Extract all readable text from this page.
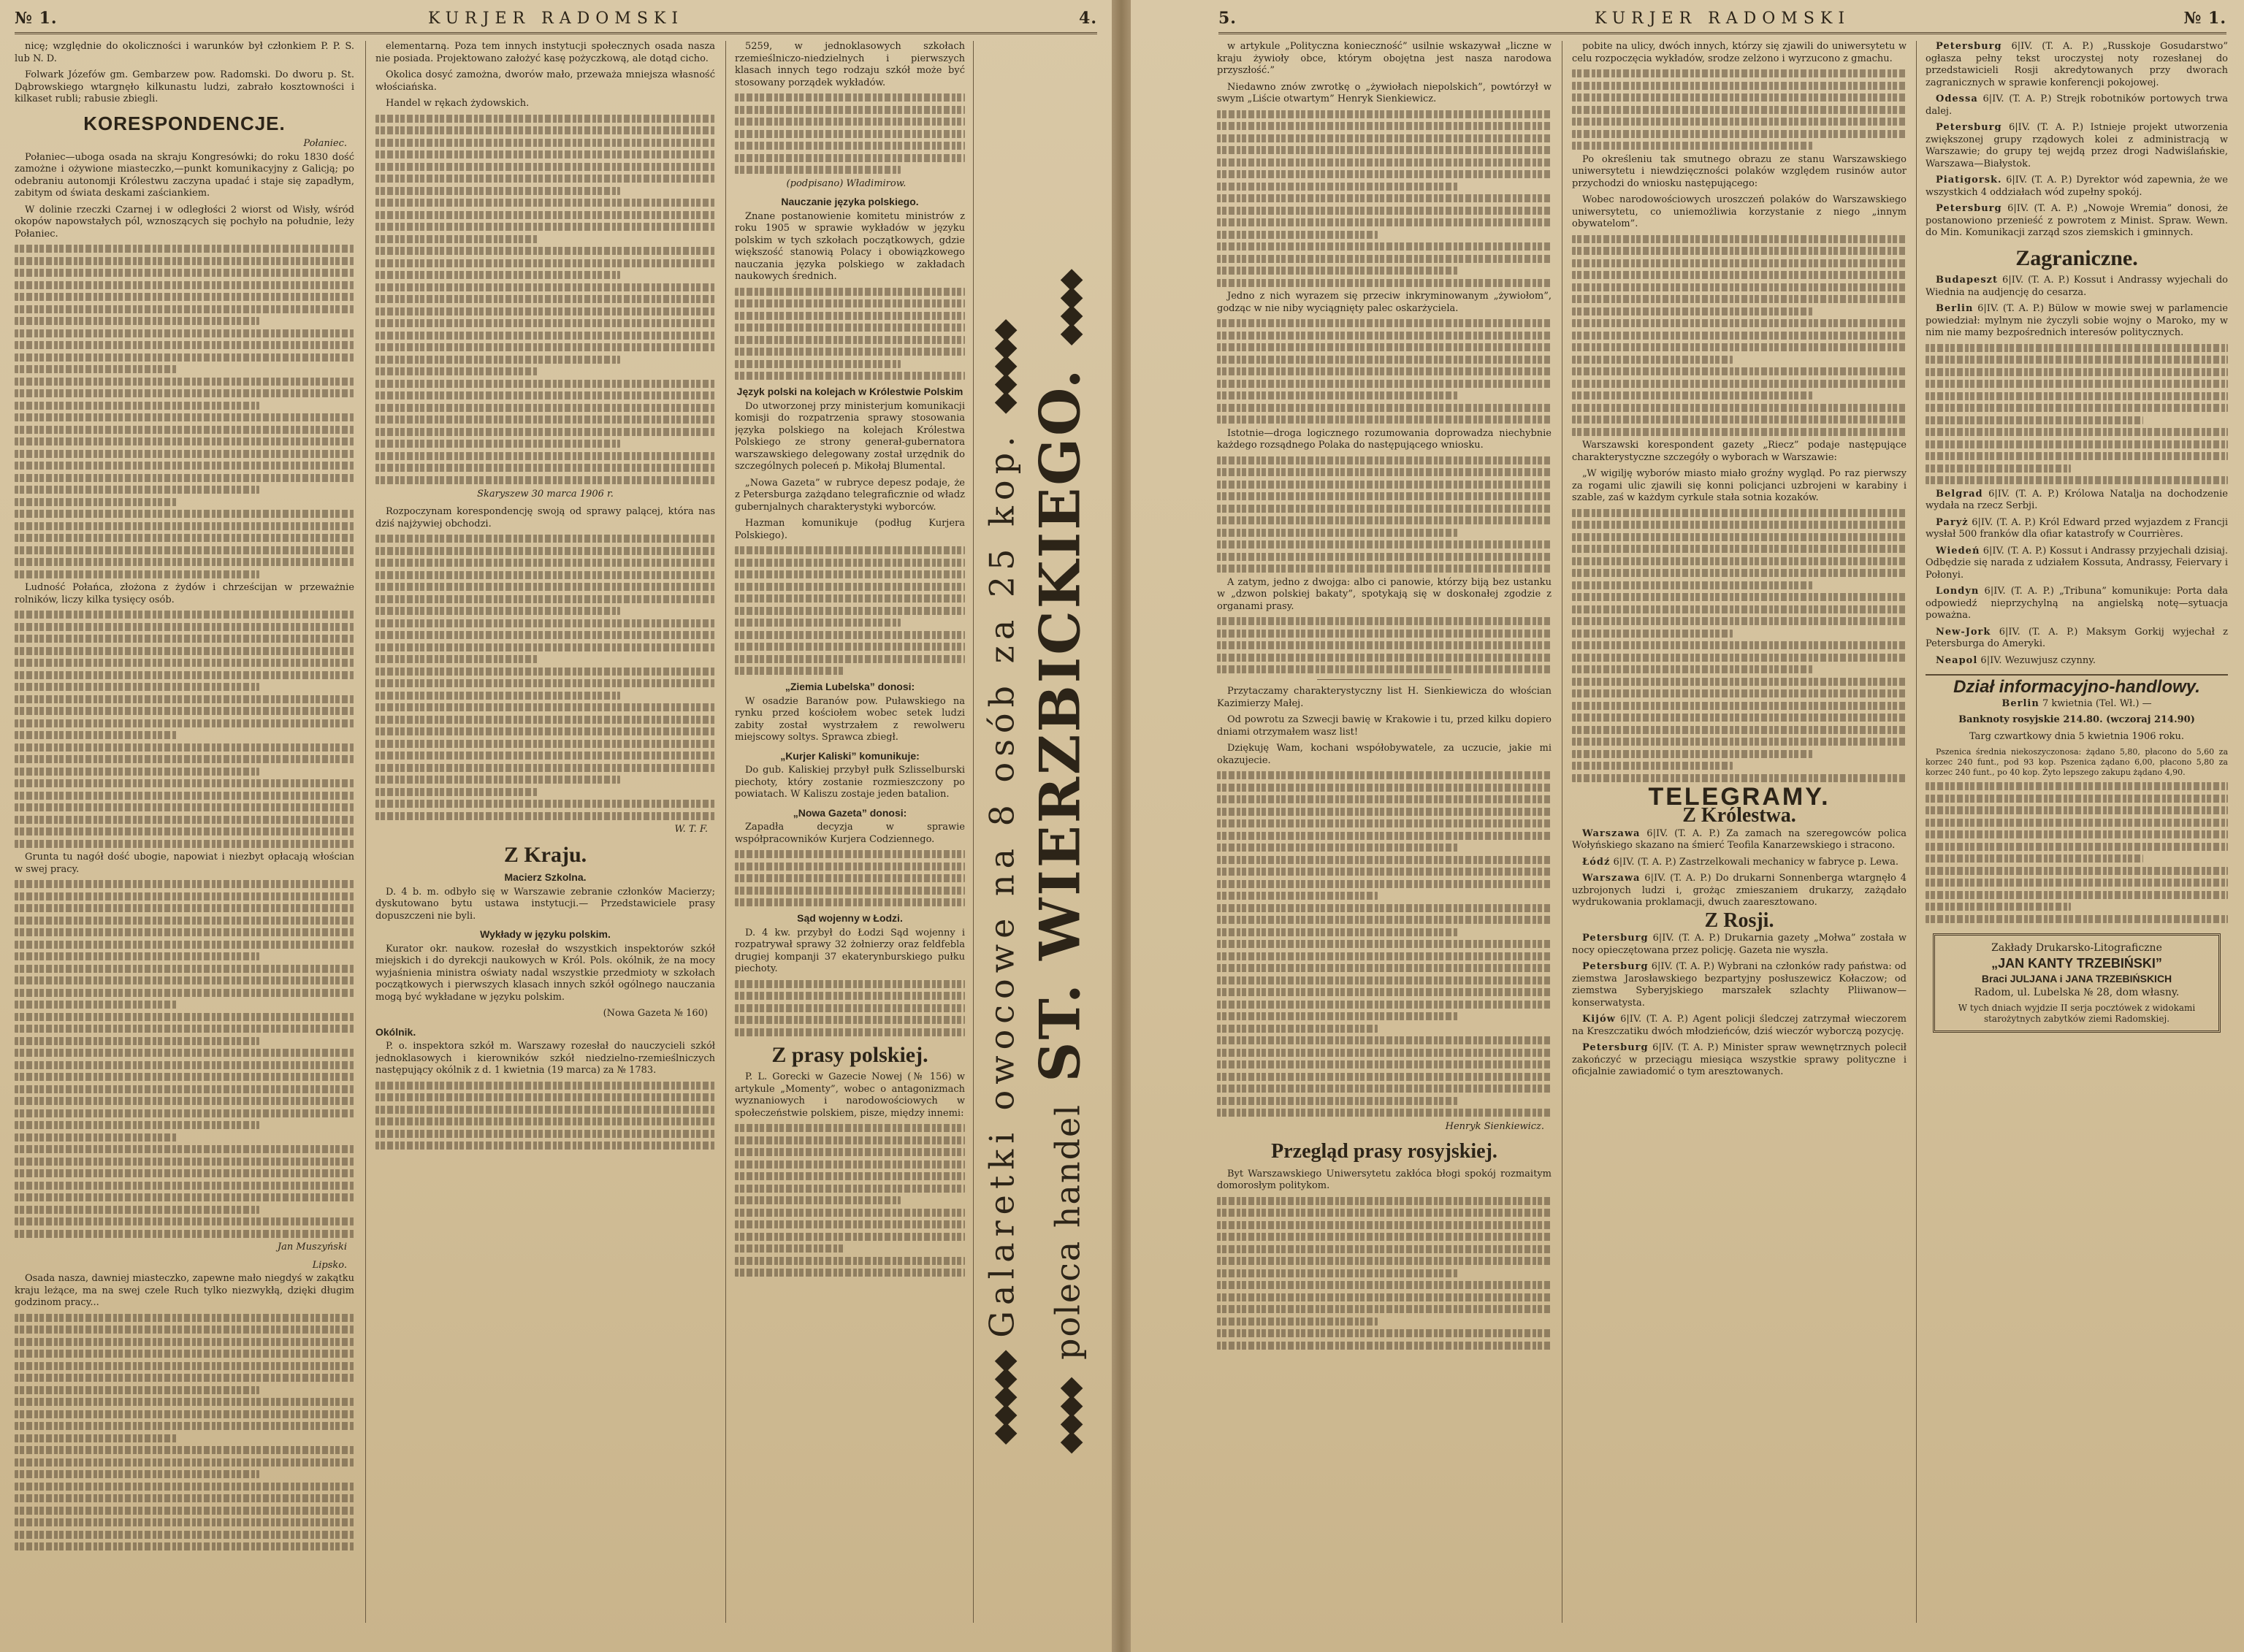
№ 1.	KURJER RADOMSKI	4.

nicę; względnie do okoliczności i warunków był członkiem P. P. S. lub N. D.

Folwark Józefów gm. Gembarzew pow. Radomski. Do dworu p. St. Dąbrowskiego wtargnęło kilkunastu ludzi, zabrało kosztowności i kilkaset rubli; rabusie zbiegli.

KORESPONDENCJE.
Połaniec.

Połaniec—uboga osada na skraju Kongresówki; do roku 1830 dość zamożne i ożywione miasteczko,—punkt komunikacyjny z Galicją; po odebraniu autonomji Królestwu zaczyna upadać i staje się zapadłym, zabitym od świata deskami zaściankiem.

W dolinie rzeczki Czarnej i w odległości 2 wiorst od Wisły, wśród okopów napowstałych pól, wznoszących się pochyło na południe, leży Połaniec.

Ludność Połańca, złożona z żydów i chrześcijan w przeważnie rolników, liczy kilka tysięcy osób.

Grunta tu nagół dość ubogie, napowiat i niezbyt opłacają włościan w swej pracy.

Jan Muszyński
Lipsko.

Osada nasza, dawniej miasteczko, zapewne mało niegdyś w zakątku kraju leżące, ma na swej czele Ruch tylko niezwykłą, dzięki długim godzinom pracy...

elementarną. Poza tem innych instytucji społecznych osada nasza nie posiada. Projektowano założyć kasę pożyczkową, ale dotąd cicho.

Okolica dosyć zamożna, dworów mało, przeważa mniejsza własność włościańska.

Handel w rękach żydowskich.

Skaryszew 30 marca 1906 r.

Rozpoczynam korespondencję swoją od sprawy palącej, która nas dziś najżywiej obchodzi.

W. T. F.
Z Kraju.
Macierz Szkolna.

D. 4 b. m. odbyło się w Warszawie zebranie członków Macierzy; dyskutowano bytu ustawa instytucji.— Przedstawiciele prasy dopuszczeni nie byli.

Wykłady w języku polskim.

Kurator okr. naukow. rozesłał do wszystkich inspektorów szkół miejskich i do dyrekcji naukowych w Król. Pols. okólnik, że na mocy wyjaśnienia ministra oświaty nadal wszystkie przedmioty w szkołach początkowych i pierwszych klasach innych szkół ogólnego nauczania mogą być wykładane w języku polskim.

(Nowa Gazeta № 160)
Okólnik.

P. o. inspektora szkół m. Warszawy rozesłał do nauczycieli szkół jednoklasowych i kierowników szkół niedzielno-rzemieślniczych następujący okólnik z d. 1 kwietnia (19 marca) za № 1783.

5259, w jednoklasowych szkołach rzemieślniczo-niedzielnych i pierwszych klasach innych tego rodzaju szkół może być stosowany porządek wykładów.

(podpisano) Władimirow.
Nauczanie języka polskiego.

Znane postanowienie komitetu ministrów z roku 1905 w sprawie wykładów w języku polskim w tych szkołach początkowych, gdzie większość stanowią Polacy i obowiązkowego nauczania języka polskiego w zakładach naukowych średnich.

Język polski na kolejach w Królestwie Polskim

Do utworzonej przy ministerjum komunikacji komisji do rozpatrzenia sprawy stosowania języka polskiego na kolejach Królestwa Polskiego ze strony generał-gubernatora warszawskiego delegowany został urzędnik do szczególnych poleceń p. Mikołaj Blumental.

„Nowa Gazeta” w rubryce depesz podaje, że z Petersburga zażądano telegraficznie od władz gubernjalnych charakterystyki wyborców.

Hazman komunikuje (podług Kurjera Polskiego).

„Ziemia Lubelska” donosi:

W osadzie Baranów pow. Puławskiego na rynku przed kościołem wobec setek ludzi zabity został wystrzałem z rewolweru miejscowy soltys. Sprawca zbiegł.

„Kurjer Kaliski” komunikuje:

Do gub. Kaliskiej przybył pułk Szlisselburski piechoty, który zostanie rozmieszczony po powiatach. W Kaliszu zostaje jeden batalion.

„Nowa Gazeta” donosi:

Zapadła decyzja w sprawie współpracowników Kurjera Codziennego.

Sąd wojenny w Łodzi.

D. 4 kw. przybył do Łodzi Sąd wojenny i rozpatrywał sprawy 32 żołnierzy oraz feldfebla drugiej kompanji 37 ekaterynburskiego pułku piechoty.

Z prasy polskiej.

P. L. Gorecki w Gazecie Nowej (№ 156) w artykule „Momenty”, wobec o antagonizmach wyznaniowych i narodowościowych w społeczeństwie polskiem, pisze, między innemi:

◆◆◆◆◆ Galaretki owocowe na 8 osób za 25 kop. ◆◆◆◆◆
◆◆◆◆ poleca handel ST. WIERZBICKIEGO. ◆◆◆◆
5.	KURJER RADOMSKI	№ 1.

w artykule „Polityczna konieczność” usilnie wskazywał „liczne w kraju żywioły obce, którym obojętna jest nasza narodowa przyszłość.”

Niedawno znów zwrotkę o „żywiołach niepolskich”, powtórzył w swym „Liście otwartym” Henryk Sienkiewicz.

Jedno z nich wyrazem się przeciw inkryminowanym „żywiołom”, godząc w nie niby wyciągnięty palec oskarżyciela.

Istotnie—droga logicznego rozumowania doprowadza niechybnie każdego rozsądnego Polaka do następującego wniosku.

A zatym, jedno z dwojga: albo ci panowie, którzy biją bez ustanku w „dzwon polskiej bakaty”, spotykają się w doskonałej zgodzie z organami prasy.

Przytaczamy charakterystyczny list H. Sienkiewicza do włościan Kazimierzy Małej.

Od powrotu za Szwecji bawię w Krakowie i tu, przed kilku dopiero dniami otrzymałem wasz list!

Dziękuję Wam, kochani współobywatele, za uczucie, jakie mi okazujecie.

Henryk Sienkiewicz.
Przegląd prasy rosyjskiej.

Byt Warszawskiego Uniwersytetu zakłóca błogi spokój rozmaitym domorosłym politykom.

pobite na ulicy, dwóch innych, którzy się zjawili do uniwersytetu w celu rozpoczęcia wykładów, srodze zelżono i wyrzucono z gmachu.

Po określeniu tak smutnego obrazu ze stanu Warszawskiego uniwersytetu i niewdzięczności polaków względem rusinów autor przychodzi do wniosku następującego:

Wobec narodowościowych uroszczeń polaków do Warszawskiego uniwersytetu, co uniemożliwia korzystanie z niego „innym obywatelom”.

Warszawski korespondent gazety „Riecz” podaje następujące charakterystyczne szczegóły o wyborach w Warszawie:

„W wigilję wyborów miasto miało groźny wygląd. Po raz pierwszy za rogami ulic zjawili się konni policjanci uzbrojeni w karabiny i szable, zaś w każdym cyrkule stała sotnia kozaków.

TELEGRAMY.
Z Królestwa.

Warszawa 6|IV. (T. A. P.) Za zamach na szeregowców polica Wołyńskiego skazano na śmierć Teofila Kanarzewskiego i stracono.

Łódź 6|IV. (T. A. P.) Zastrzelkowali mechanicy w fabryce p. Lewa.

Warszawa 6|IV. (T. A. P.) Do drukarni Sonnenberga wtargnęło 4 uzbrojonych ludzi i, grożąc zmieszaniem drukarzy, zażądało wydrukowania proklamacji, dwuch zaaresztowano.

Z Rosji.

Petersburg 6|IV. (T. A. P.) Drukarnia gazety „Mołwa” została w nocy opieczętowana przez policję. Gazeta nie wyszła.

Petersburg 6|IV. (T. A. P.) Wybrani na członków rady państwa: od ziemstwa Jarosławskiego bezpartyjny posłuszewicz Kołaczow; od ziemstwa Syberyjskiego marszałek szlachty Pliiwanow—konserwatysta.

Kijów 6|IV. (T. A. P.) Agent policji śledczej zatrzymał wieczorem na Kreszczatiku dwóch młodzieńców, dziś wieczór wyborczą pozycję.

Petersburg 6|IV. (T. A. P.) Minister spraw wewnętrznych polecił zakończyć w przeciągu miesiąca wszystkie sprawy polityczne i oficjalnie zawiadomić o tym aresztowanych.

Petersburg 6|IV. (T. A. P.) „Russkoje Gosudarstwo” ogłasza pełny tekst uroczystej noty rozesłanej do przedstawicieli Rosji akredytowanych przy dworach zagranicznych w sprawie konferencji pokojowej.

Odessa 6|IV. (T. A. P.) Strejk robotników portowych trwa dalej.

Petersburg 6|IV. (T. A. P.) Istnieje projekt utworzenia zwiększonej grupy rządowych kolei z administracją w Warszawie; do grupy tej wejdą przez drogi Nadwiślańskie, Warszawa—Białystok.

Piatigorsk. 6|IV. (T. A. P.) Dyrektor wód zapewnia, że we wszystkich 4 oddziałach wód zupełny spokój.

Petersburg 6|IV. (T. A. P.) „Nowoje Wremia” donosi, że postanowiono przenieść z powrotem z Minist. Spraw. Wewn. do Min. Komunikacji zarząd szos ziemskich i gminnych.

Zagraniczne.

Budapeszt 6|IV. (T. A. P.) Kossut i Andrassy wyjechali do Wiednia na audjencję do cesarza.

Berlin 6|IV. (T. A. P.) Bülow w mowie swej w parlamencie powiedział: mylnym nie życzyli sobie wojny o Maroko, my w nim nie mamy bezpośrednich interesów politycznych.

Belgrad 6|IV. (T. A. P.) Królowa Natalja na dochodzenie wydała na rzecz Serbji.

Paryż 6|IV. (T. A. P.) Król Edward przed wyjazdem z Francji wysłał 500 franków dla ofiar katastrofy w Courrières.

Wiedeń 6|IV. (T. A. P.) Kossut i Andrassy przyjechali dzisiaj. Odbędzie się narada z udziałem Kossuta, Andrassy, Feiervary i Połonyi.

Londyn 6|IV. (T. A. P.) „Tribuna” komunikuje: Porta dała odpowiedź nieprzychylną na angielską notę—sytuacja poważna.

New-Jork 6|IV. (T. A. P.) Maksym Gorkij wyjechał z Petersburga do Ameryki.

Neapol 6|IV. Wezuwjusz czynny.

Dział informacyjno-handlowy.

Berlin 7 kwietnia (Tel. Wł.) —

Banknoty rosyjskie 214.80. (wczoraj 214.90)

Targ czwartkowy dnia 5 kwietnia 1906 roku.

Pszenica średnia niekoszyczonosa: żądano 5,80, płacono do 5,60 za korzec 240 funt., pod 93 kop. Pszenica żądano 6,00, płacono 5,80 za korzec 240 funt., po 40 kop. Żyto lepszego zakupu żądano 4,90.

Zakłady Drukarsko-Litograficzne
„JAN KANTY TRZEBIŃSKI”
Braci JULJANA i JANA TRZEBIŃSKICH
Radom, ul. Lubelska № 28, dom własny.
W tych dniach wyjdzie II serja pocztówek z widokami starożytnych zabytków ziemi Radomskiej.
